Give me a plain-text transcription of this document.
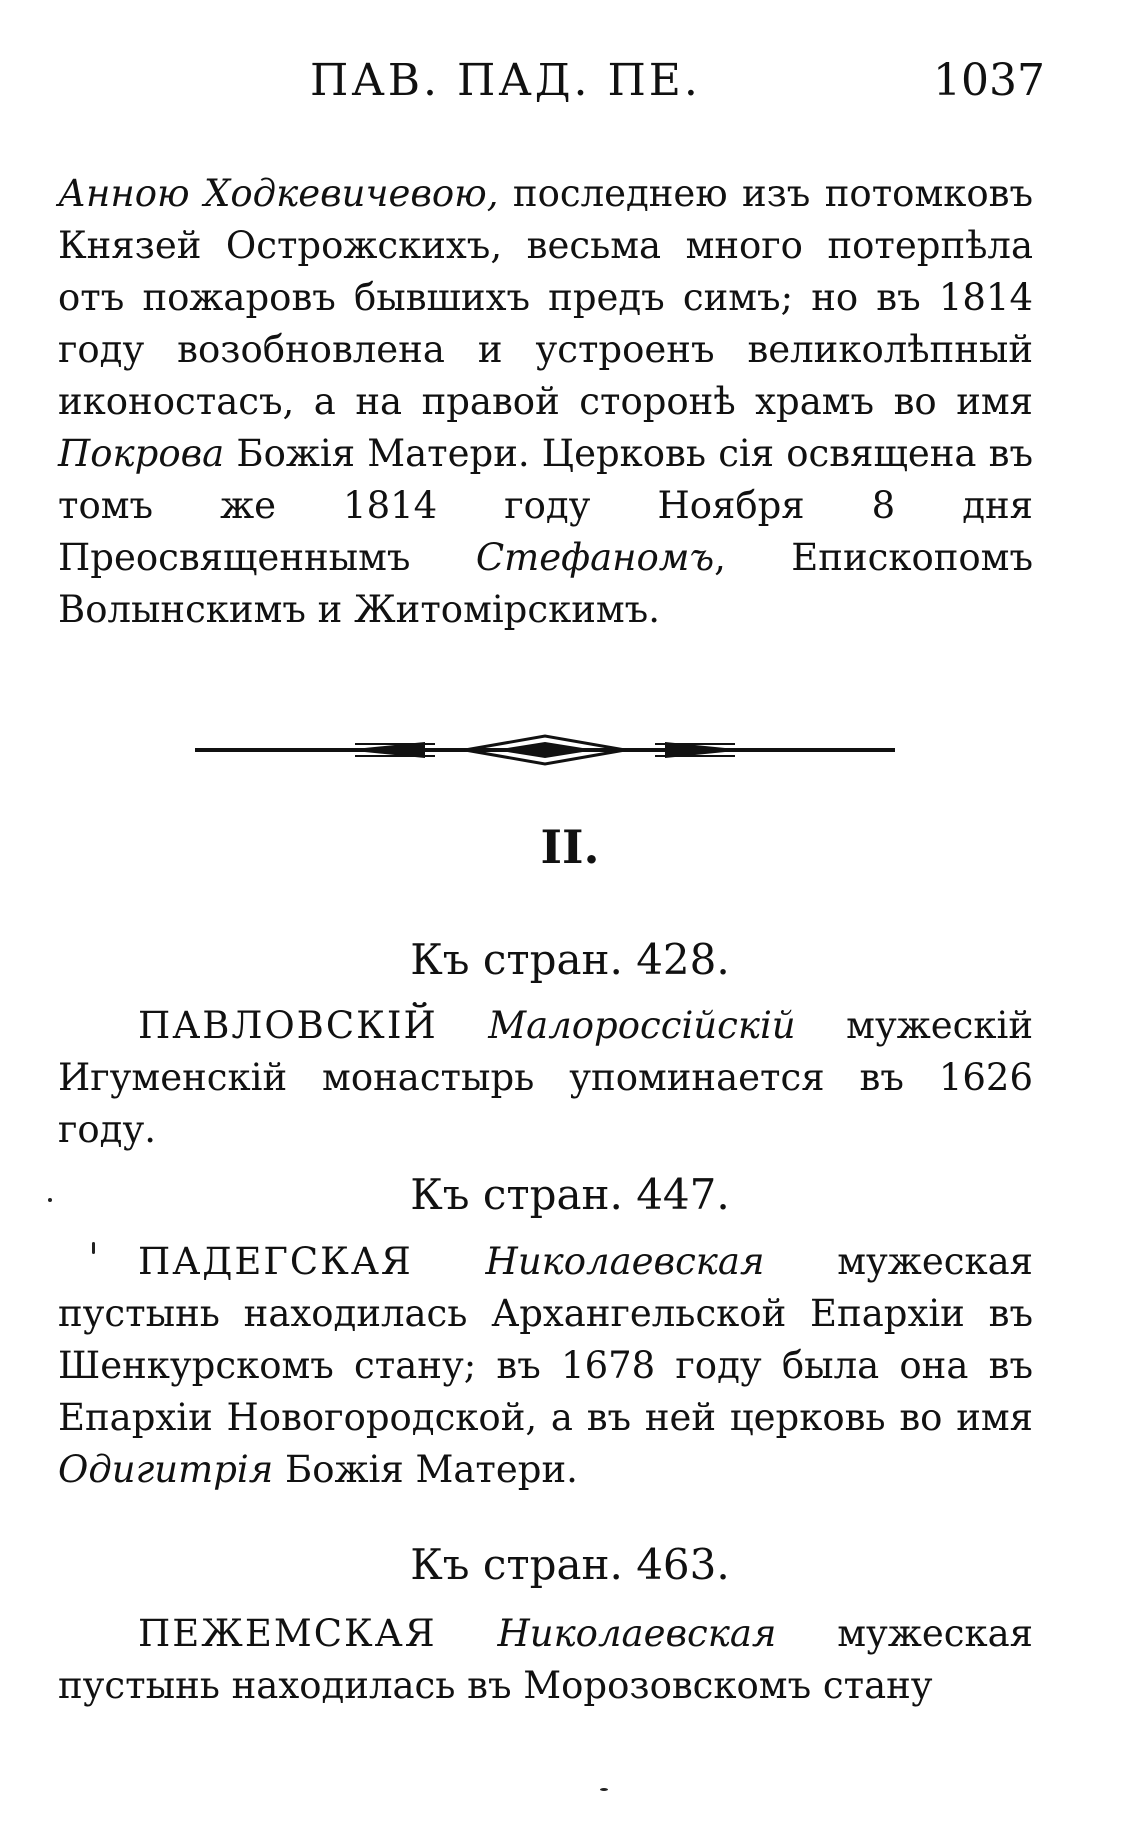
ПАВ. ПАД. ПЕ.	1037

Анною Ходкевичевою, последнею изъ потомковъ Князей Острожскихъ, весьма много потерпѣла отъ пожаровъ бывшихъ предъ симъ; но въ 1814 году возобновлена и устроенъ великолѣпный иконостасъ, а на правой сторонѣ храмъ во имя Покрова Божія Матери. Церковь сія освящена въ томъ же 1814 году Ноября 8 дня Преосвященнымъ Стефаномъ, Епископомъ Волынскимъ и Житомірскимъ.

II.
Къ стран. 428.

ПАВЛОВСКІЙ Малороссійскій мужескій Игуменскій монастырь упоминается въ 1626 году.

Къ стран. 447.

ПАДЕГСКАЯ Николаевская мужеская пустынь находилась Архангельской Епархіи въ Шенкурскомъ стану; въ 1678 году была она въ Епархіи Новогородской, а въ ней церковь во имя Одигитрія Божія Матери.

Къ стран. 463.

ПЕЖЕМСКАЯ Николаевская мужеская пустынь находилась въ Морозовскомъ стану
